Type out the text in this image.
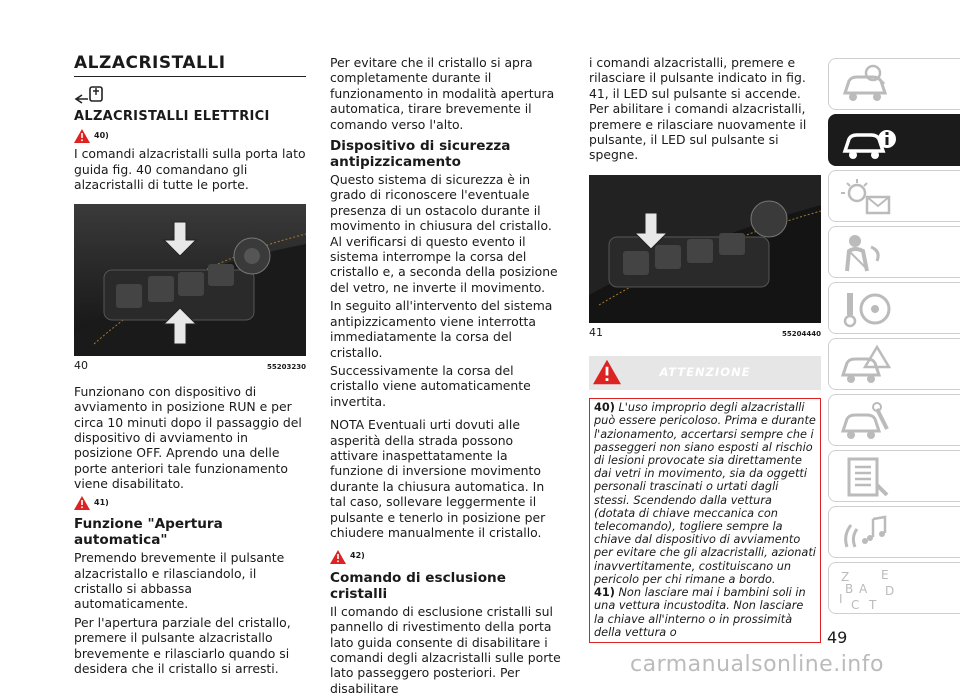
ALZACRISTALLI
ALZACRISTALLI ELETTRICI
40)

I comandi alzacristalli sulla porta lato guida fig. 40 comandano gli alzacristalli di tutte le porte.

40	55203230

Funzionano con dispositivo di avviamento in posizione RUN e per circa 10 minuti dopo il passaggio del dispositivo di avviamento in posizione OFF. Aprendo una delle porte anteriori tale funzionamento viene disabilitato.

41)
Funzione "Apertura automatica"

Premendo brevemente il pulsante alzacristallo e rilasciandolo, il cristallo si abbassa automaticamente.

Per l'apertura parziale del cristallo, premere il pulsante alzacristallo brevemente e rilasciarlo quando si desidera che il cristallo si arresti.

Per evitare che il cristallo si apra completamente durante il funzionamento in modalità apertura automatica, tirare brevemente il comando verso l'alto.

Dispositivo di sicurezza antipizzicamento

Questo sistema di sicurezza è in grado di riconoscere l'eventuale presenza di un ostacolo durante il movimento in chiusura del cristallo. Al verificarsi di questo evento il sistema interrompe la corsa del cristallo e, a seconda della posizione del vetro, ne inverte il movimento.

In seguito all'intervento del sistema antipizzicamento viene interrotta immediatamente la corsa del cristallo.

Successivamente la corsa del cristallo viene automaticamente invertita.

NOTA Eventuali urti dovuti alle asperità della strada possono attivare inaspettatamente la funzione di inversione movimento durante la chiusura automatica. In tal caso, sollevare leggermente il pulsante e tenerlo in posizione per chiudere manualmente il cristallo.

42)
Comando di esclusione cristalli

Il comando di esclusione cristalli sul pannello di rivestimento della porta lato guida consente di disabilitare i comandi degli alzacristalli sulle porte lato passeggero posteriori. Per disabilitare

i comandi alzacristalli, premere e rilasciare il pulsante indicato in fig. 41, il LED sul pulsante si accende. Per abilitare i comandi alzacristalli, premere e rilasciare nuovamente il pulsante, il LED sul pulsante si spegne.

41	55204440
ATTENZIONE
40) L'uso improprio degli alzacristalli può essere pericoloso. Prima e durante l'azionamento, accertarsi sempre che i passeggeri non siano esposti al rischio di lesioni provocate sia direttamente dai vetri in movimento, sia da oggetti personali trascinati o urtati dagli stessi. Scendendo dalla vettura (dotata di chiave meccanica con telecomando), togliere sempre la chiave dal dispositivo di avviamento per evitare che gli alzacristalli, azionati inavvertitamente, costituiscano un pericolo per chi rimane a bordo.
41) Non lasciare mai i bambini soli in una vettura incustodita. Non lasciare la chiave all'interno o in prossimità della vettura o
Z	E
A D
I C T
B
49
carmanualsonline.info
